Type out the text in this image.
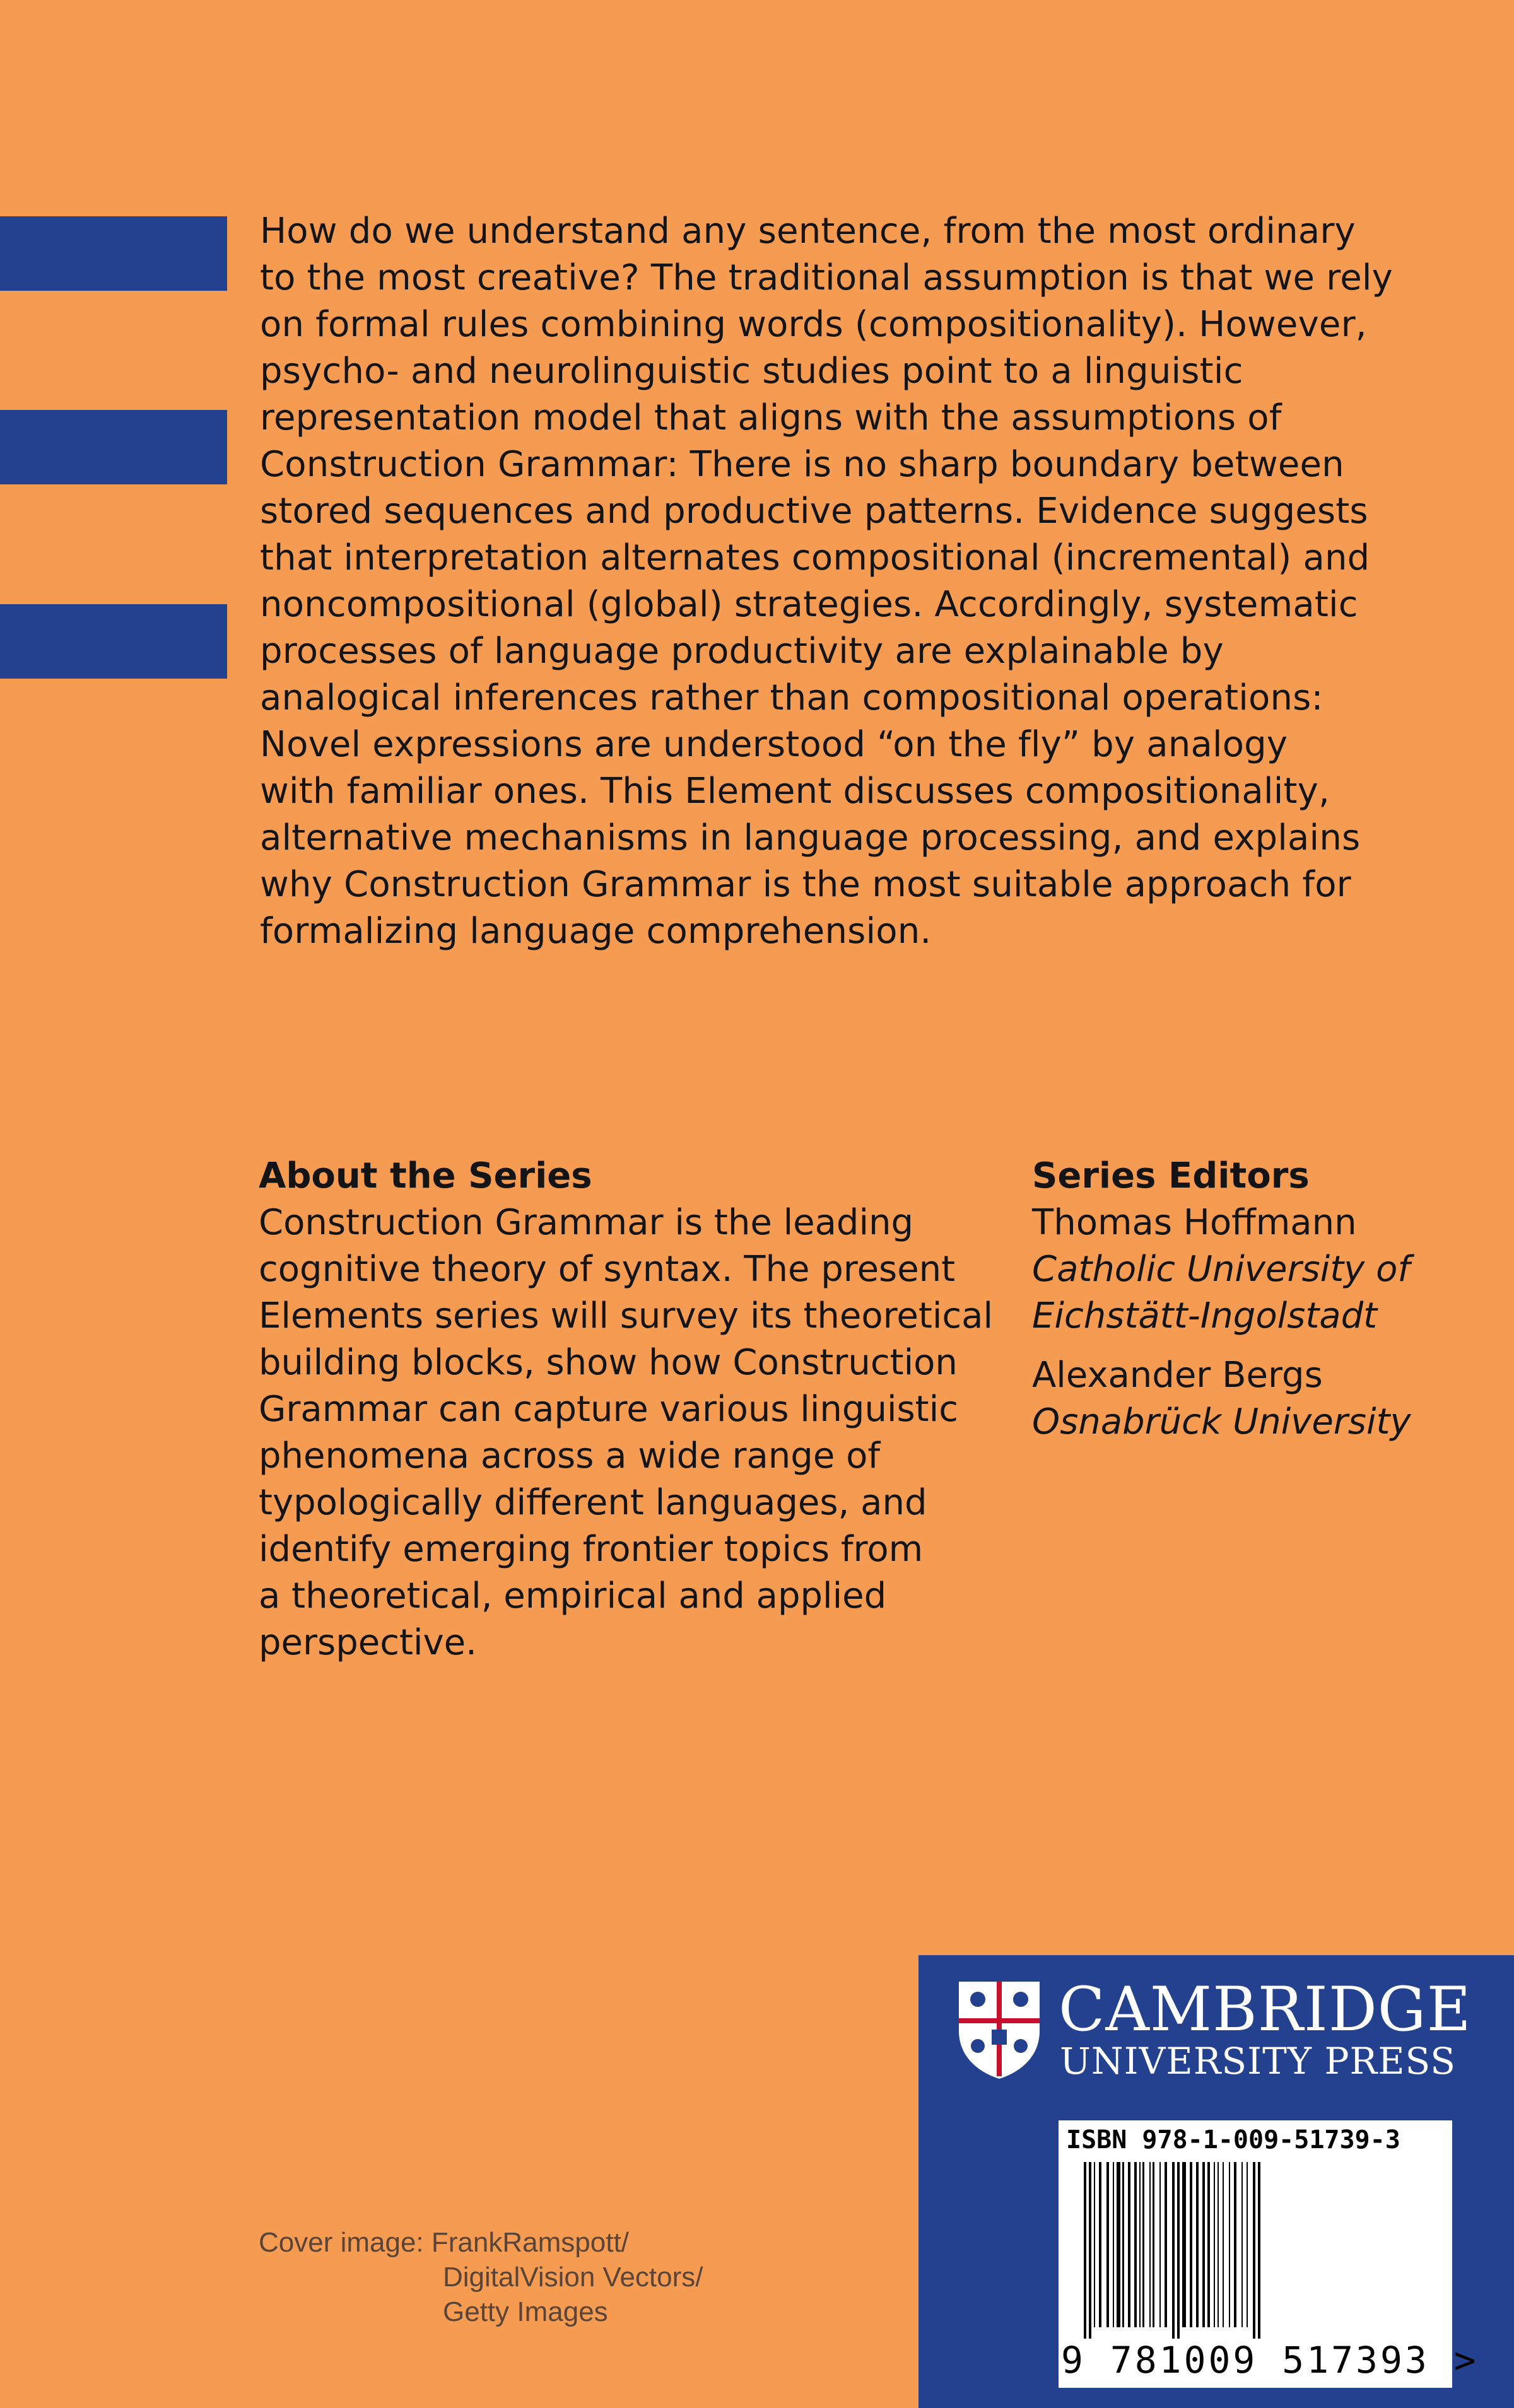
How do we understand any sentence, from the most ordinary
to the most creative? The traditional assumption is that we rely
on formal rules combining words (compositionality). However,
psycho- and neurolinguistic studies point to a linguistic
representation model that aligns with the assumptions of
Construction Grammar: There is no sharp boundary between
stored sequences and productive patterns. Evidence suggests
that interpretation alternates compositional (incremental) and
noncompositional (global) strategies. Accordingly, systematic
processes of language productivity are explainable by
analogical inferences rather than compositional operations:
Novel expressions are understood “on the fly” by analogy
with familiar ones. This Element discusses compositionality,
alternative mechanisms in language processing, and explains
why Construction Grammar is the most suitable approach for
formalizing language comprehension.
About the Series
Construction Grammar is the leading
cognitive theory of syntax. The present
Elements series will survey its theoretical
building blocks, show how Construction
Grammar can capture various linguistic
phenomena across a wide range of
typologically different languages, and
identify emerging frontier topics from
a theoretical, empirical and applied
perspective.
Series Editors
Thomas Hoffmann
Catholic University of
Eichstätt-Ingolstadt
Alexander Bergs
Osnabrück University
Cover image: FrankRamspott/
DigitalVision Vectors/
Getty Images
CAMBRIDGE
UNIVERSITY PRESS
ISBN 978-1-009-51739-3
9 781009 517393 >
